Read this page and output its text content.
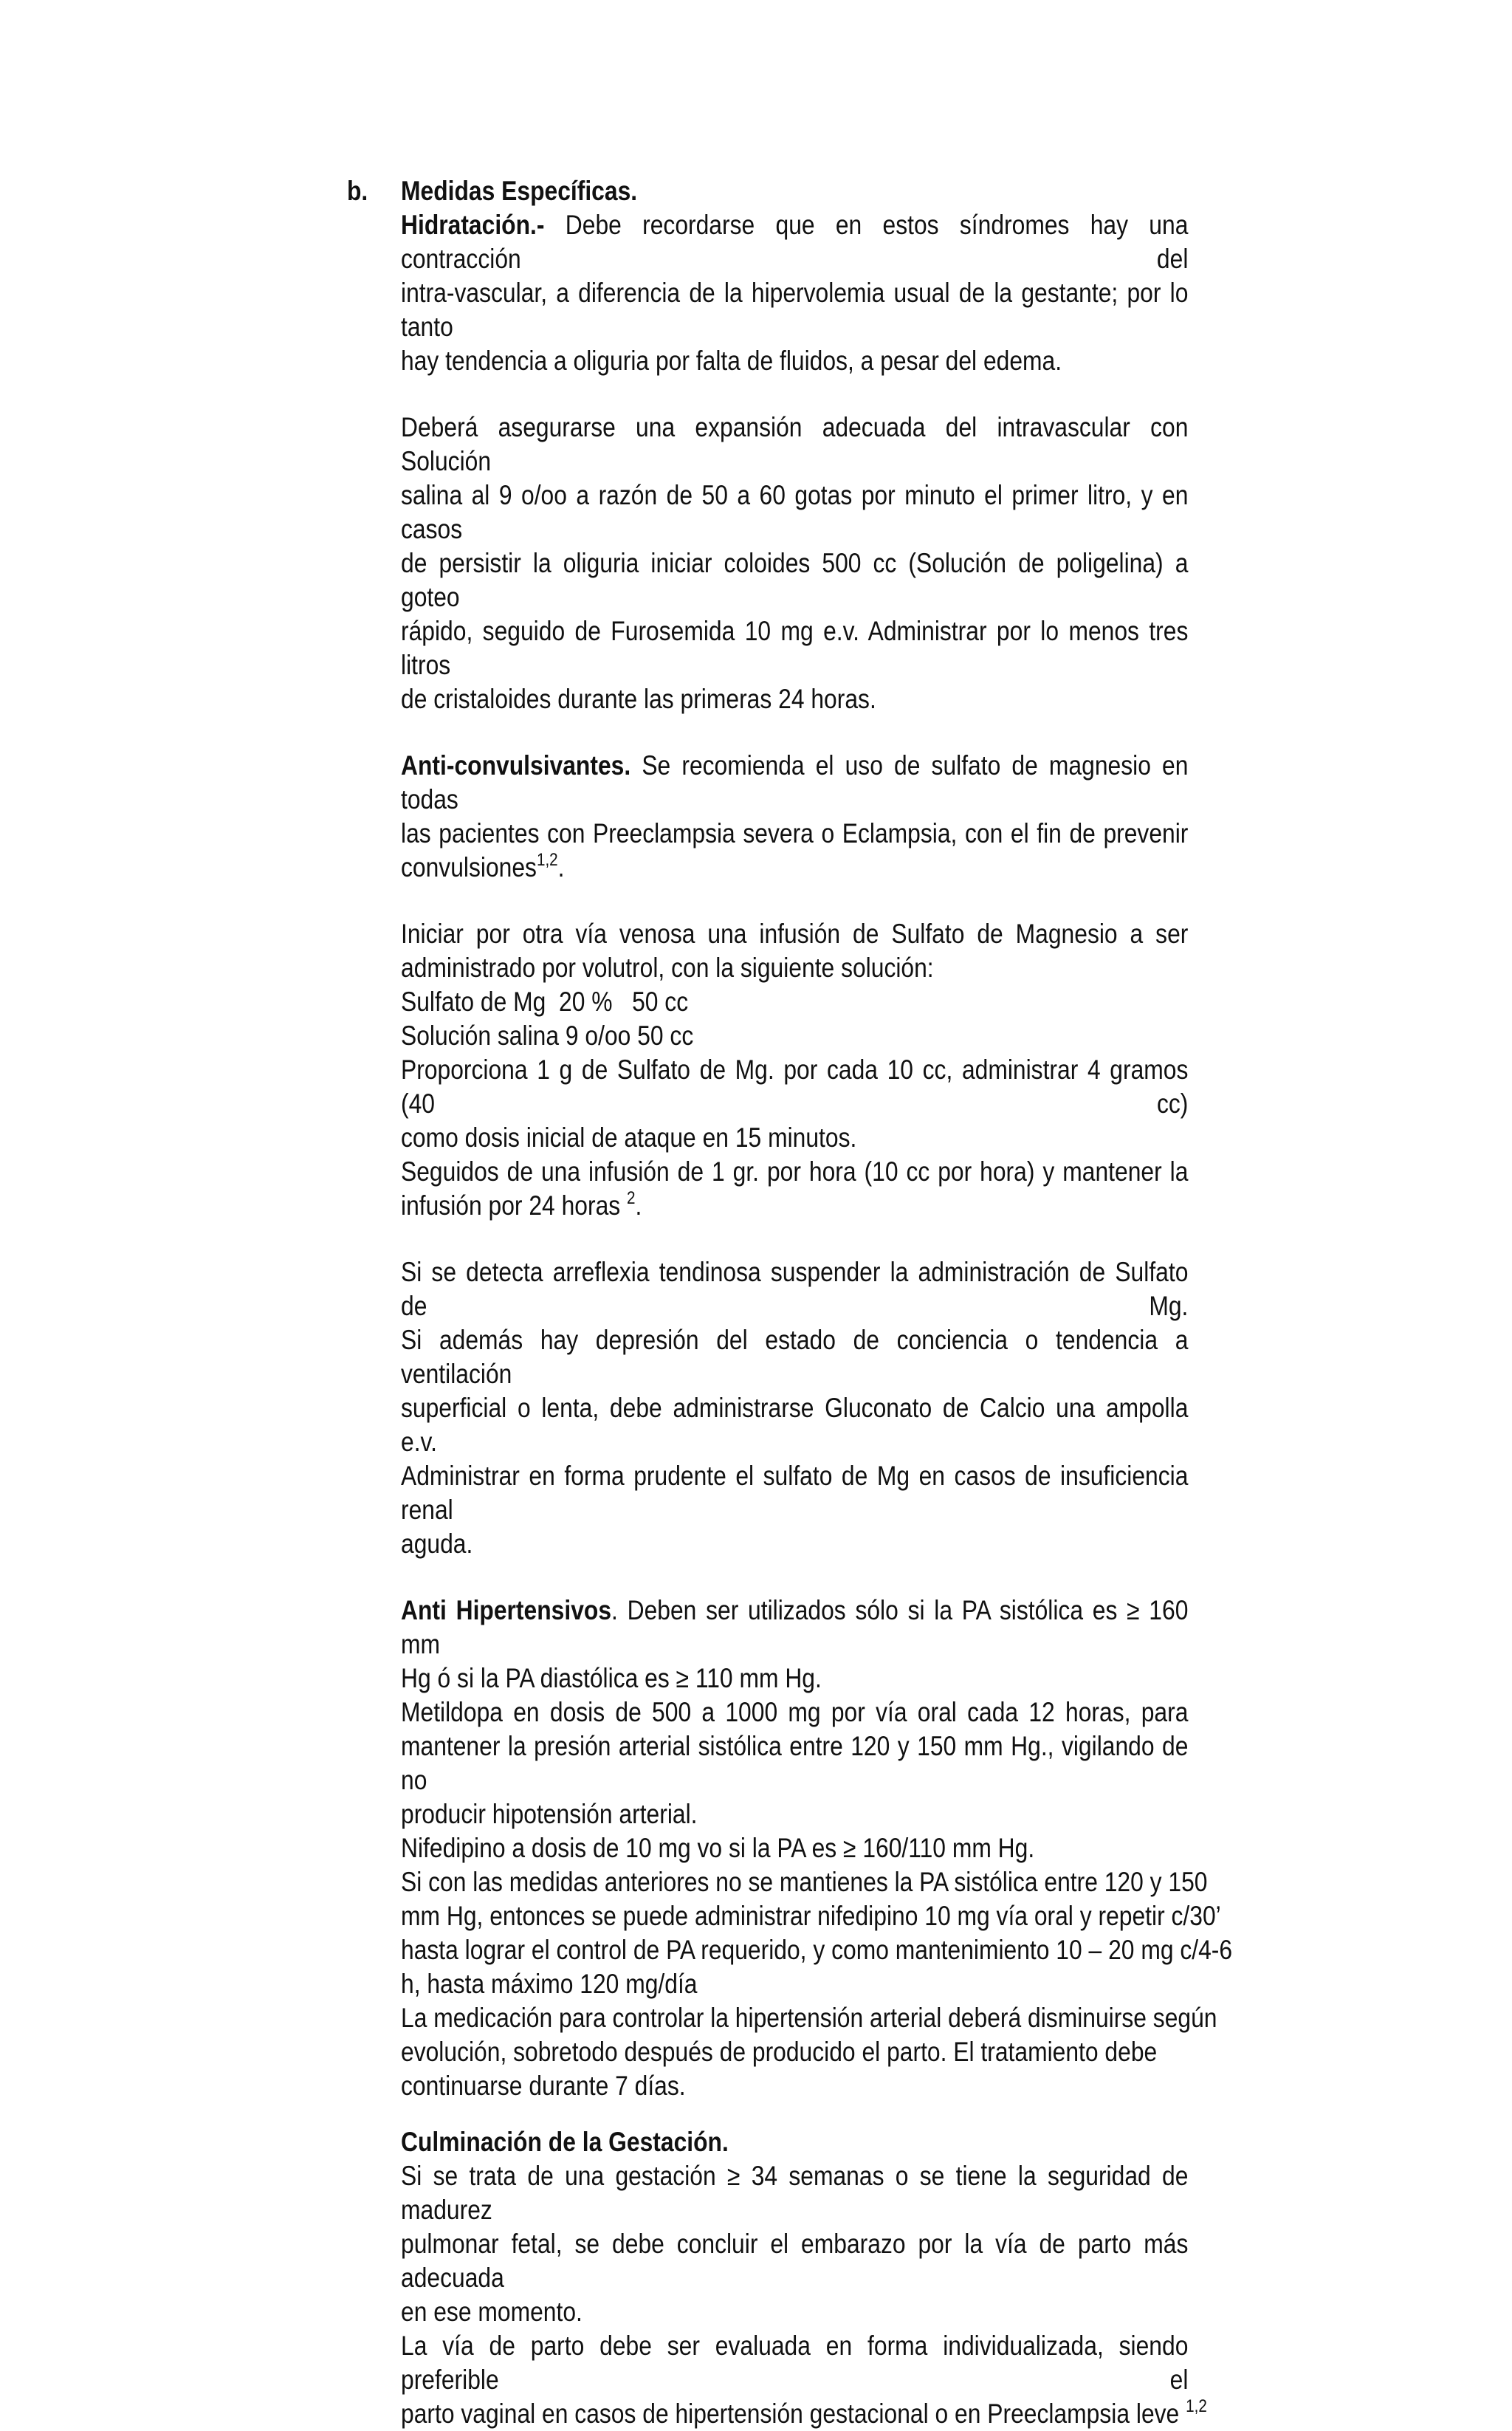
b. Medidas Específicas.
Hidratación.- Debe recordarse que en estos síndromes hay una contracción del
intra-vascular, a diferencia de la hipervolemia usual de la gestante; por lo tanto
hay tendencia a oliguria por falta de fluidos, a pesar del edema.
Deberá asegurarse una expansión adecuada del intravascular con Solución
salina al 9 o/oo a razón de 50 a 60 gotas por minuto el primer litro, y en casos
de persistir la oliguria iniciar coloides 500 cc (Solución de poligelina) a goteo
rápido, seguido de Furosemida 10 mg e.v. Administrar por lo menos tres litros
de cristaloides durante las primeras 24 horas.
Anti-convulsivantes. Se recomienda el uso de sulfato de magnesio en todas
las pacientes con Preeclampsia severa o Eclampsia, con el fin de prevenir
convulsiones$^{1,2}$.
Iniciar por otra vía venosa una infusión de Sulfato de Magnesio a ser
administrado por volutrol, con la siguiente solución:
Sulfato de Mg  20 %   50 cc
Solución salina 9 o/oo 50 cc
Proporciona 1 g de Sulfato de Mg. por cada 10 cc, administrar 4 gramos (40 cc)
como dosis inicial de ataque en 15 minutos.
Seguidos de una infusión de 1 gr. por hora (10 cc por hora) y mantener la
infusión por 24 horas $^2$.
Si se detecta arreflexia tendinosa suspender la administración de Sulfato de Mg.
Si además hay depresión del estado de conciencia o tendencia a ventilación
superficial o lenta, debe administrarse Gluconato de Calcio una ampolla e.v.
Administrar en forma prudente el sulfato de Mg en casos de insuficiencia renal
aguda.
Anti Hipertensivos. Deben ser utilizados sólo si la PA sistólica es ≥ 160 mm
Hg ó si la PA diastólica es ≥ 110 mm Hg.
Metildopa en dosis de 500 a 1000 mg por vía oral cada 12 horas, para
mantener la presión arterial sistólica entre 120 y 150 mm Hg., vigilando de no
producir hipotensión arterial.
Nifedipino a dosis de 10 mg vo si la PA es ≥ 160/110 mm Hg.
Si con las medidas anteriores no se mantienes la PA sistólica entre 120 y 150
mm Hg, entonces se puede administrar nifedipino 10 mg vía oral y repetir c/30’
hasta lograr el control de PA requerido, y como mantenimiento 10 – 20 mg c/4-6
h, hasta máximo 120 mg/día
La medicación para controlar la hipertensión arterial deberá disminuirse según
evolución, sobretodo después de producido el parto. El tratamiento debe
continuarse durante 7 días.
Culminación de la Gestación.
Si se trata de una gestación ≥ 34 semanas o se tiene la seguridad de madurez
pulmonar fetal, se debe concluir el embarazo por la vía de parto más adecuada
en ese momento.
La vía de parto debe ser evaluada en forma individualizada, siendo preferible el
parto vaginal en casos de hipertensión gestacional o en Preeclampsia leve $^{1,2}$
